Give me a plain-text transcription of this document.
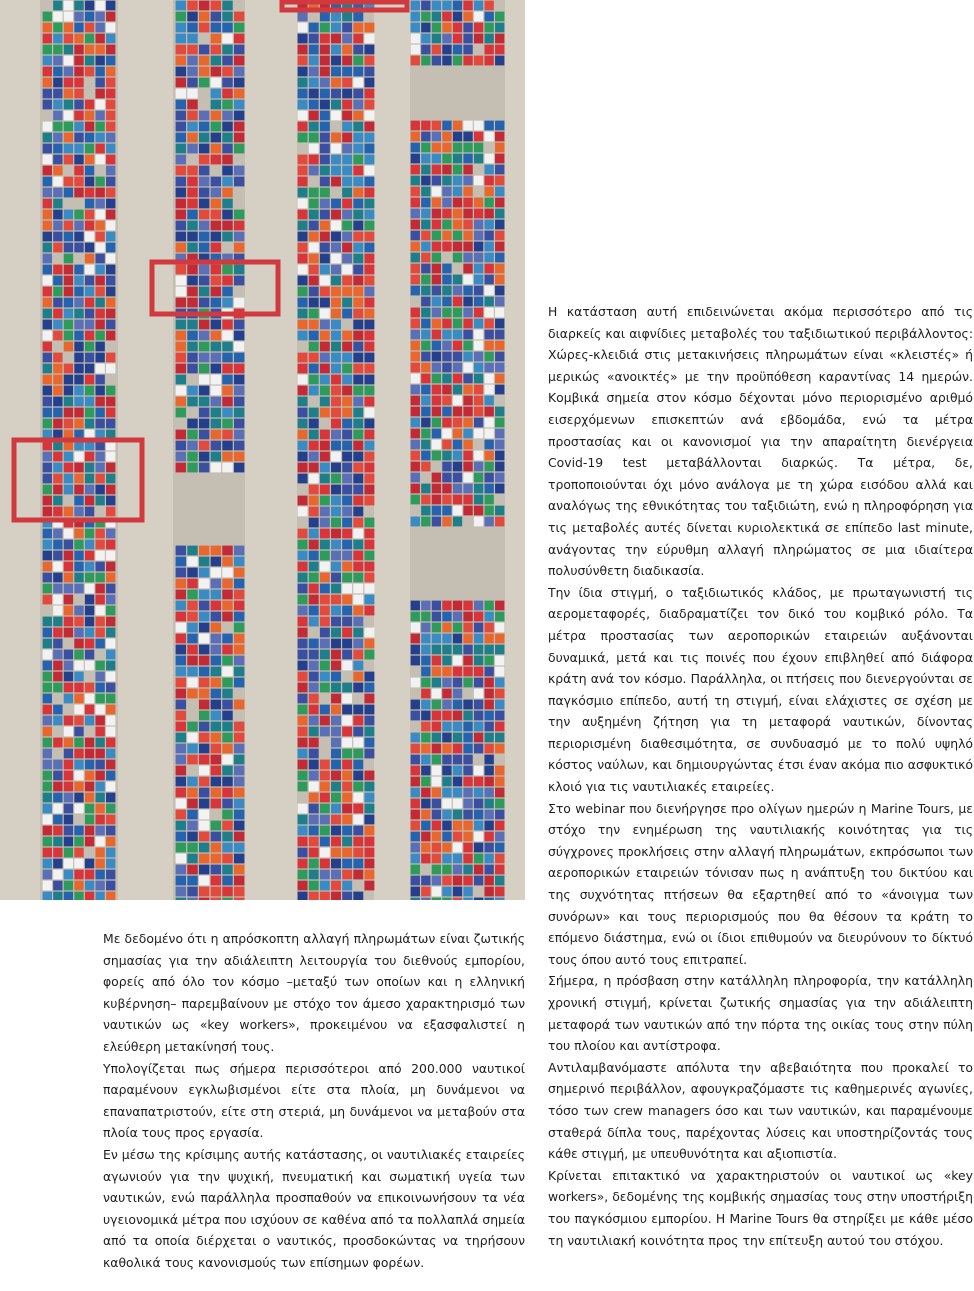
Με δεδομένο ότι η απρόσκοπτη αλλαγή πληρωμάτων είναι ζωτικής σημασίας για την αδιάλειπτη λειτουργία του διεθνούς εμπορίου, φορείς από όλο τον κόσμο –μεταξύ των οποίων και η ελληνική κυβέρνηση– παρεμβαίνουν με στόχο τον άμεσο χαρακτηρισμό των ναυτικών ως «key workers», προκειμένου να εξασφαλιστεί η ελεύθερη μετακίνησή τους.

Υπολογίζεται πως σήμερα περισσότεροι από 200.000 ναυτικοί παραμένουν εγκλωβισμένοι είτε στα πλοία, μη δυνάμενοι να επαναπατριστούν, είτε στη στεριά, μη δυνάμενοι να μεταβούν στα πλοία τους προς εργασία.

Εν μέσω της κρίσιμης αυτής κατάστασης, οι ναυτιλιακές εταιρείες αγωνιούν για την ψυχική, πνευματική και σωματική υγεία των ναυτικών, ενώ παράλληλα προσπαθούν να επικοινωνήσουν τα νέα υγειονομικά μέτρα που ισχύουν σε καθένα από τα πολλαπλά σημεία από τα οποία διέρχεται ο ναυτικός, προσδοκώντας να τηρήσουν καθολικά τους κανονισμούς των επίσημων φορέων.

Η κατάσταση αυτή επιδεινώνεται ακόμα περισσότερο από τις διαρκείς και αιφνίδιες μεταβολές του ταξιδιωτικού περιβάλλοντος: Χώρες-κλειδιά στις μετακινήσεις πληρωμάτων είναι «κλειστές» ή μερικώς «ανοικτές» με την προϋπόθεση καραντίνας 14 ημερών. Κομβικά σημεία στον κόσμο δέχονται μόνο περιορισμένο αριθμό εισερχόμενων επισκεπτών ανά εβδομάδα, ενώ τα μέτρα προστασίας και οι κανονισμοί για την απαραίτητη διενέργεια Covid-19 test μεταβάλλονται διαρκώς. Τα μέτρα, δε, τροποποιούνται όχι μόνο ανάλογα με τη χώρα εισόδου αλλά και αναλόγως της εθνικότητας του ταξιδιώτη, ενώ η πληροφόρηση για τις μεταβολές αυτές δίνεται κυριολεκτικά σε επίπεδο last minute, ανάγοντας την εύρυθμη αλλαγή πληρώματος σε μια ιδιαίτερα πολυσύνθετη διαδικασία.

Την ίδια στιγμή, ο ταξιδιωτικός κλάδος, με πρωταγωνιστή τις αερομεταφορές, διαδραματίζει τον δικό του κομβικό ρόλο. Τα μέτρα προστασίας των αεροπορικών εταιρειών αυξάνονται δυναμικά, μετά και τις ποινές που έχουν επιβληθεί από διάφορα κράτη ανά τον κόσμο. Παράλληλα, οι πτήσεις που διενεργούνται σε παγκόσμιο επίπεδο, αυτή τη στιγμή, είναι ελάχιστες σε σχέση με την αυξημένη ζήτηση για τη μεταφορά ναυτικών, δίνοντας περιορισμένη διαθεσιμότητα, σε συνδυασμό με το πολύ υψηλό κόστος ναύλων, και δημιουργώντας έτσι έναν ακόμα πιο ασφυκτικό κλοιό για τις ναυτιλιακές εταιρείες.

Στο webinar που διενήργησε προ ολίγων ημερών η Marine Tours, με στόχο την ενημέρωση της ναυτιλιακής κοινότητας για τις σύγχρονες προκλήσεις στην αλλαγή πληρωμάτων, εκπρόσωποι των αεροπορικών εταιρειών τόνισαν πως η ανάπτυξη του δικτύου και της συχνότητας πτήσεων θα εξαρτηθεί από το «άνοιγμα των συνόρων» και τους περιορισμούς που θα θέσουν τα κράτη το επόμενο διάστημα, ενώ οι ίδιοι επιθυμούν να διευρύνουν το δίκτυό τους όπου αυτό τους επιτραπεί.

Σήμερα, η πρόσβαση στην κατάλληλη πληροφορία, την κατάλληλη χρονική στιγμή, κρίνεται ζωτικής σημασίας για την αδιάλειπτη μεταφορά των ναυτικών από την πόρτα της οικίας τους στην πύλη του πλοίου και αντίστροφα.

Αντιλαμβανόμαστε απόλυτα την αβεβαιότητα που προκαλεί το σημερινό περιβάλλον, αφουγκραζόμαστε τις καθημερινές αγωνίες, τόσο των crew managers όσο και των ναυτικών, και παραμένουμε σταθερά δίπλα τους, παρέχοντας λύσεις και υποστηρίζοντάς τους κάθε στιγμή, με υπευθυνότητα και αξιοπιστία.

Κρίνεται επιτακτικό να χαρακτηριστούν οι ναυτικοί ως «key workers», δεδομένης της κομβικής σημασίας τους στην υποστήριξη του παγκόσμιου εμπορίου. Η Marine Tours θα στηρίξει με κάθε μέσο τη ναυτιλιακή κοινότητα προς την επίτευξη αυτού του στόχου.
